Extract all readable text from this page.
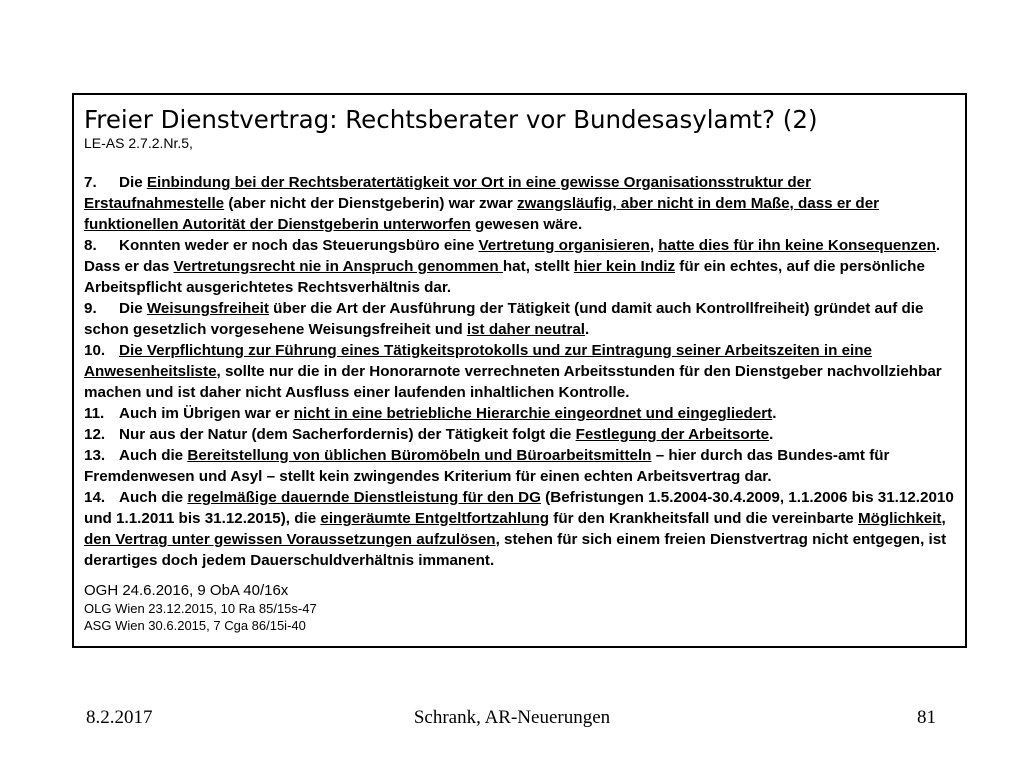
Freier Dienstvertrag: Rechtsberater vor Bundesasylamt? (2)

LE-AS 2.7.2.Nr.5,

7. Die Einbindung bei der Rechtsberatertätigkeit vor Ort in eine gewisse Organisationsstruktur der Erstaufnahmestelle (aber nicht der Dienstgeberin) war zwar zwangsläufig, aber nicht in dem Maße, dass er der funktionellen Autorität der Dienstgeberin unterworfen gewesen wäre.

8. Konnten weder er noch das Steuerungsbüro eine Vertretung organisieren, hatte dies für ihn keine Konsequenzen. Dass er das Vertretungsrecht nie in Anspruch genommen hat, stellt hier kein Indiz für ein echtes, auf die persönliche Arbeitspflicht ausgerichtetes Rechtsverhältnis dar.

9. Die Weisungsfreiheit über die Art der Ausführung der Tätigkeit (und damit auch Kontrollfreiheit) gründet auf die schon gesetzlich vorgesehene Weisungsfreiheit und ist daher neutral.

10. Die Verpflichtung zur Führung eines Tätigkeitsprotokolls und zur Eintragung seiner Arbeitszeiten in eine Anwesenheitsliste, sollte nur die in der Honorarnote verrechneten Arbeitsstunden für den Dienstgeber nachvollziehbar machen und ist daher nicht Ausfluss einer laufenden inhaltlichen Kontrolle.

11. Auch im Übrigen war er nicht in eine betriebliche Hierarchie eingeordnet und eingegliedert.

12. Nur aus der Natur (dem Sacherfordernis) der Tätigkeit folgt die Festlegung der Arbeitsorte.

13. Auch die Bereitstellung von üblichen Büromöbeln und Büroarbeitsmitteln – hier durch das Bundes-amt für Fremdenwesen und Asyl – stellt kein zwingendes Kriterium für einen echten Arbeitsvertrag dar.

14. Auch die regelmäßige dauernde Dienstleistung für den DG (Befristungen 1.5.2004-30.4.2009, 1.1.2006 bis 31.12.2010 und 1.1.2011 bis 31.12.2015), die eingeräumte Entgeltfortzahlung für den Krankheitsfall und die vereinbarte Möglichkeit, den Vertrag unter gewissen Voraussetzungen aufzulösen, stehen für sich einem freien Dienstvertrag nicht entgegen, ist derartiges doch jedem Dauerschuldverhältnis immanent.

OGH 24.6.2016, 9 ObA 40/16x
OLG Wien 23.12.2015, 10 Ra 85/15s-47
ASG Wien 30.6.2015, 7 Cga 86/15i-40
8.2.2017	Schrank, AR-Neuerungen	81
